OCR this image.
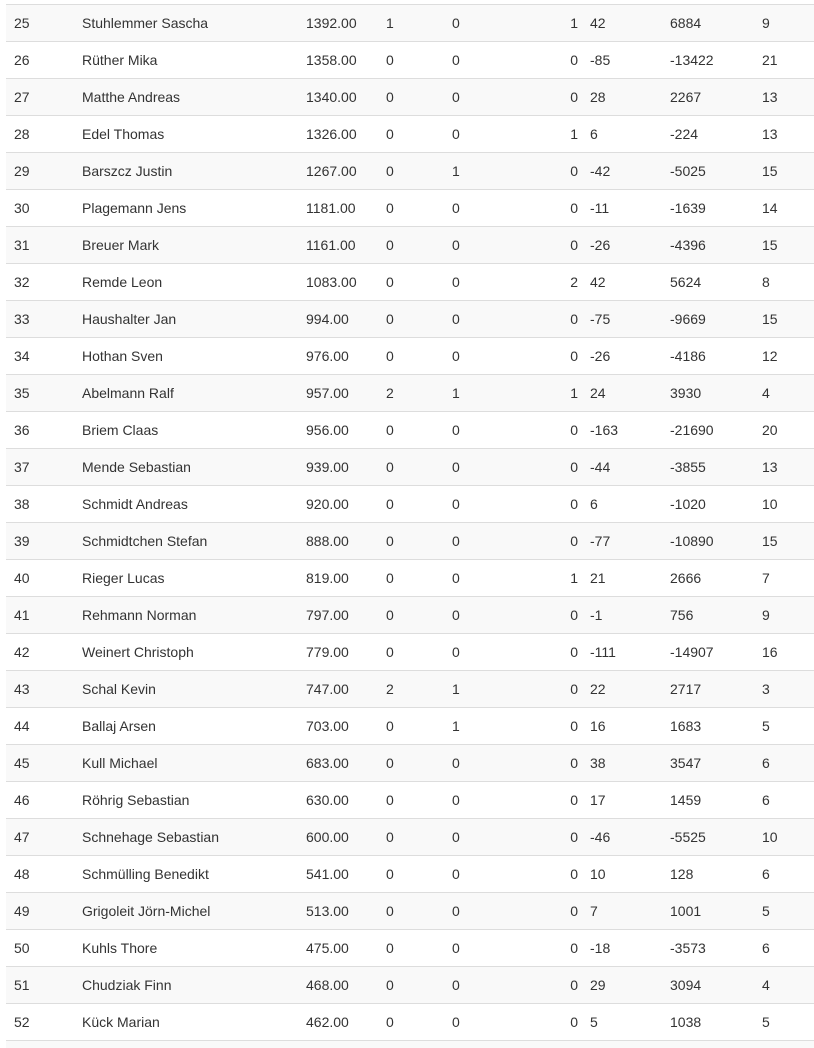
25	Stuhlemmer Sascha	1392.00	1	0	1	42	6884	9
26	Rüther Mika	1358.00	0	0	0	-85	-13422	21
27	Matthe Andreas	1340.00	0	0	0	28	2267	13
28	Edel Thomas	1326.00	0	0	1	6	-224	13
29	Barszcz Justin	1267.00	0	1	0	-42	-5025	15
30	Plagemann Jens	1181.00	0	0	0	-11	-1639	14
31	Breuer Mark	1161.00	0	0	0	-26	-4396	15
32	Remde Leon	1083.00	0	0	2	42	5624	8
33	Haushalter Jan	994.00	0	0	0	-75	-9669	15
34	Hothan Sven	976.00	0	0	0	-26	-4186	12
35	Abelmann Ralf	957.00	2	1	1	24	3930	4
36	Briem Claas	956.00	0	0	0	-163	-21690	20
37	Mende Sebastian	939.00	0	0	0	-44	-3855	13
38	Schmidt Andreas	920.00	0	0	0	6	-1020	10
39	Schmidtchen Stefan	888.00	0	0	0	-77	-10890	15
40	Rieger Lucas	819.00	0	0	1	21	2666	7
41	Rehmann Norman	797.00	0	0	0	-1	756	9
42	Weinert Christoph	779.00	0	0	0	-111	-14907	16
43	Schal Kevin	747.00	2	1	0	22	2717	3
44	Ballaj Arsen	703.00	0	1	0	16	1683	5
45	Kull Michael	683.00	0	0	0	38	3547	6
46	Röhrig Sebastian	630.00	0	0	0	17	1459	6
47	Schnehage Sebastian	600.00	0	0	0	-46	-5525	10
48	Schmülling Benedikt	541.00	0	0	0	10	128	6
49	Grigoleit Jörn-Michel	513.00	0	0	0	7	1001	5
50	Kuhls Thore	475.00	0	0	0	-18	-3573	6
51	Chudziak Finn	468.00	0	0	0	29	3094	4
52	Kück Marian	462.00	0	0	0	5	1038	5
